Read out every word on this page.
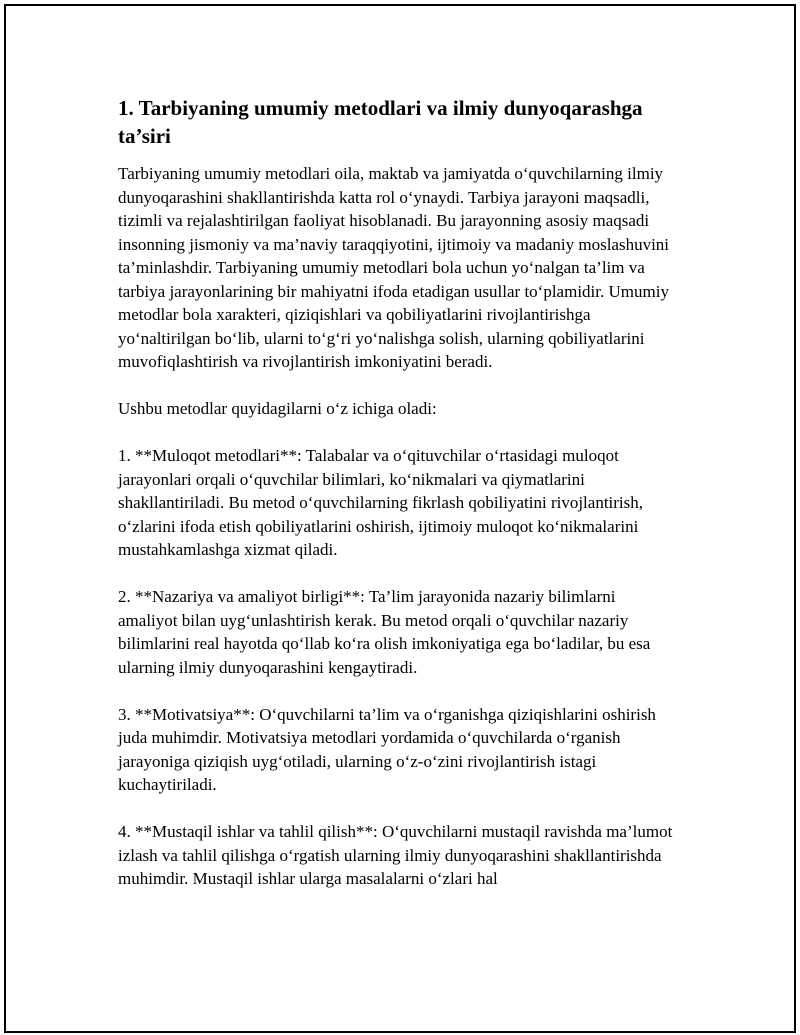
1. Tarbiyaning umumiy metodlari va ilmiy dunyoqarashga ta’siri

Tarbiyaning umumiy metodlari oila, maktab va jamiyatda o‘quvchilarning ilmiy dunyoqarashini shakllantirishda katta rol o‘ynaydi. Tarbiya jarayoni maqsadli, tizimli va rejalashtirilgan faoliyat hisoblanadi. Bu jarayonning asosiy maqsadi insonning jismoniy va ma’naviy taraqqiyotini, ijtimoiy va madaniy moslashuvini ta’minlashdir. Tarbiyaning umumiy metodlari bola uchun yo‘nalgan ta’lim va tarbiya jarayonlarining bir mahiyatni ifoda etadigan usullar to‘plamidir. Umumiy metodlar bola xarakteri, qiziqishlari va qobiliyatlarini rivojlantirishga yo‘naltirilgan bo‘lib, ularni to‘g‘ri yo‘nalishga solish, ularning qobiliyatlarini muvofiqlashtirish va rivojlantirish imkoniyatini beradi.

Ushbu metodlar quyidagilarni o‘z ichiga oladi:

1. **Muloqot metodlari**: Talabalar va o‘qituvchilar o‘rtasidagi muloqot jarayonlari orqali o‘quvchilar bilimlari, ko‘nikmalari va qiymatlarini shakllantiriladi. Bu metod o‘quvchilarning fikrlash qobiliyatini rivojlantirish, o‘zlarini ifoda etish qobiliyatlarini oshirish, ijtimoiy muloqot ko‘nikmalarini mustahkamlashga xizmat qiladi.

2. **Nazariya va amaliyot birligi**: Ta’lim jarayonida nazariy bilimlarni amaliyot bilan uyg‘unlashtirish kerak. Bu metod orqali o‘quvchilar nazariy bilimlarini real hayotda qo‘llab ko‘ra olish imkoniyatiga ega bo‘ladilar, bu esa ularning ilmiy dunyoqarashini kengaytiradi.

3. **Motivatsiya**: O‘quvchilarni ta’lim va o‘rganishga qiziqishlarini oshirish juda muhimdir. Motivatsiya metodlari yordamida o‘quvchilarda o‘rganish jarayoniga qiziqish uyg‘otiladi, ularning o‘z-o‘zini rivojlantirish istagi kuchaytiriladi.

4. **Mustaqil ishlar va tahlil qilish**: O‘quvchilarni mustaqil ravishda ma’lumot izlash va tahlil qilishga o‘rgatish ularning ilmiy dunyoqarashini shakllantirishda muhimdir. Mustaqil ishlar ularga masalalarni o‘zlari hal
